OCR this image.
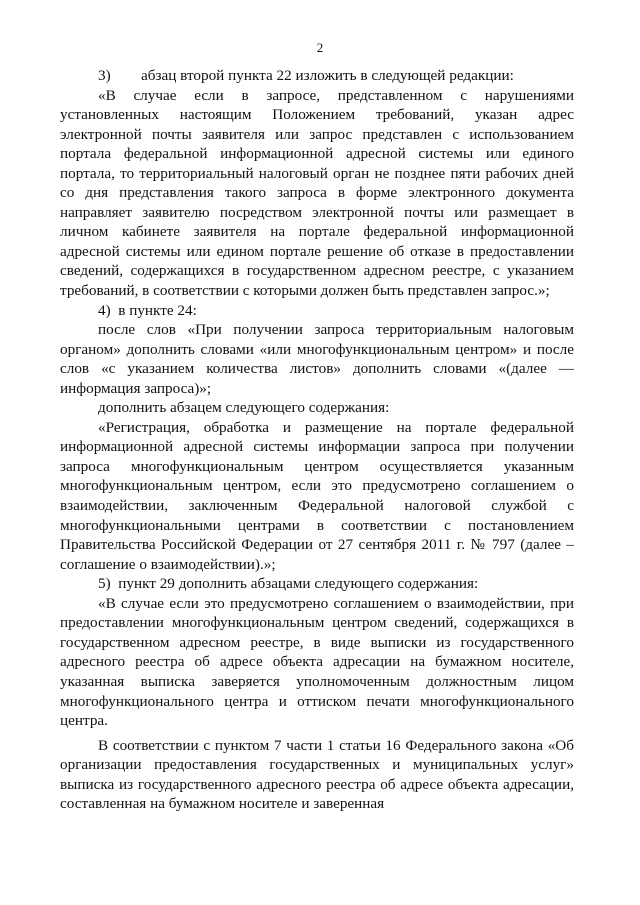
2

3)        абзац второй пункта 22 изложить в следующей редакции:

«В случае если в запросе, представленном с нарушениями установленных настоящим Положением требований, указан адрес электронной почты заявителя или запрос представлен с использованием портала федеральной информационной адресной системы или единого портала, то территориальный налоговый орган не позднее пяти рабочих дней со дня представления такого запроса в форме электронного документа направляет заявителю посредством электронной почты или размещает в личном кабинете заявителя на портале федеральной информационной адресной системы или едином портале решение об отказе в предоставлении сведений, содержащихся в государственном адресном реестре, с указанием требований, в соответствии с которыми должен быть представлен запрос.»;

4)  в пункте 24:

после слов «При получении запроса территориальным налоговым органом» дополнить словами «или многофункциональным центром» и после слов «с указанием количества листов» дополнить словами «(далее — информация запроса)»;

дополнить абзацем следующего содержания:

«Регистрация, обработка и размещение на портале федеральной информационной адресной системы информации запроса при получении запроса многофункциональным центром осуществляется указанным многофункциональным центром, если это предусмотрено соглашением о взаимодействии, заключенным Федеральной налоговой службой с многофункциональными центрами в соответствии с постановлением Правительства Российской Федерации от 27 сентября 2011 г. № 797 (далее – соглашение о взаимодействии).»;

5)  пункт 29 дополнить абзацами следующего содержания:

«В случае если это предусмотрено соглашением о взаимодействии, при предоставлении многофункциональным центром сведений, содержащихся в государственном адресном реестре, в виде выписки из государственного адресного реестра об адресе объекта адресации на бумажном носителе, указанная выписка заверяется уполномоченным должностным лицом многофункционального центра и оттиском печати многофункционального центра.

В соответствии с пунктом 7 части 1 статьи 16 Федерального закона «Об организации предоставления государственных и муниципальных услуг» выписка из государственного адресного реестра об адресе объекта адресации, составленная на бумажном носителе и заверенная
